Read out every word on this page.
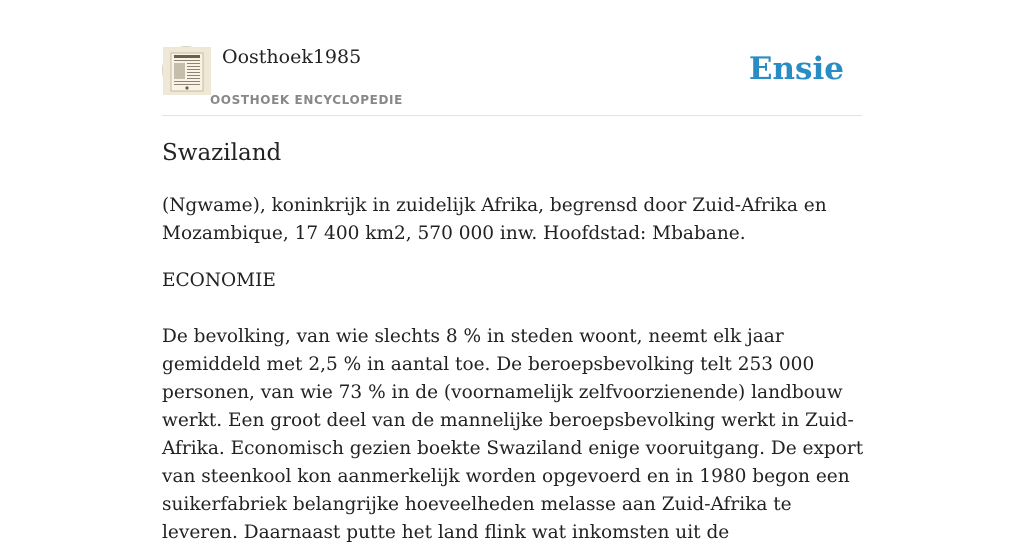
Oosthoek1985
OOSTHOEK ENCYCLOPEDIE
Ensie
Swaziland

(Ngwame), koninkrijk in zuidelijk Afrika, begrensd door Zuid-Afrika en Mozambique, 17 400 km2, 570 000 inw. Hoofdstad: Mbabane.

ECONOMIE

De bevolking, van wie slechts 8 % in steden woont, neemt elk jaar gemiddeld met 2,5 % in aantal toe. De beroepsbevolking telt 253 000 personen, van wie 73 % in de (voornamelijk zelfvoorzienende) landbouw werkt. Een groot deel van de mannelijke beroepsbevolking werkt in Zuid-Afrika. Economisch gezien boekte Swaziland enige vooruitgang. De export van steenkool kon aanmerkelijk worden opgevoerd en in 1980 begon een suikerfabriek belangrijke hoeveelheden melasse aan Zuid-Afrika te leveren. Daarnaast putte het land flink wat inkomsten uit de
